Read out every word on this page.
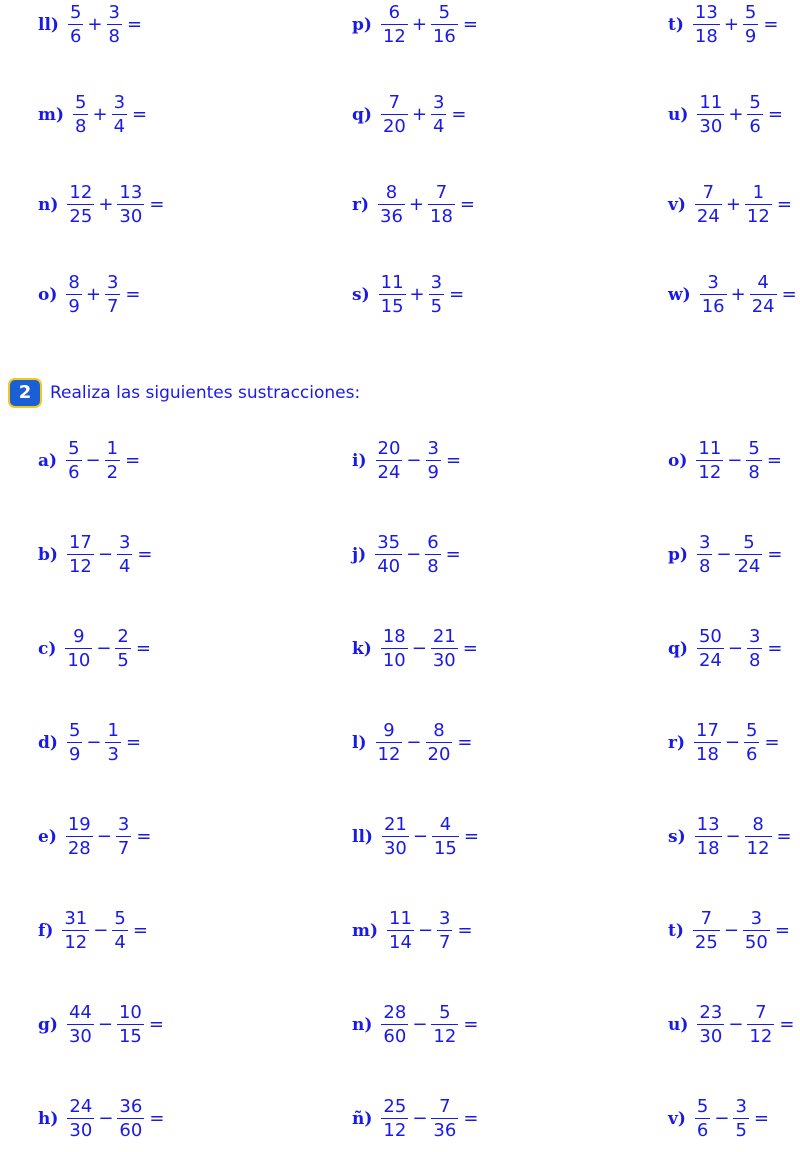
$ll) \frac{5}{6} + \frac{3}{8}$ =
$m) \frac{5}{8} + \frac{3}{4}$ =
$n) \frac{12}{25} + \frac{13}{30}$ =
$o) \frac{8}{9} + \frac{3}{7}$ =
$p) \frac{6}{12} + \frac{5}{16}$ =
$q) \frac{7}{20} + \frac{3}{4}$ =
$r) \frac{8}{36} + \frac{7}{18}$ =
$s) \frac{11}{15} + \frac{3}{5}$ =
$t) \frac{13}{18} + \frac{5}{9}$ =
$u) \frac{11}{30} + \frac{5}{6}$ =
$v) \frac{7}{24} + \frac{1}{12}$ =
$w) \frac{3}{16} + \frac{4}{24}$ =
2	Realiza las siguientes sustracciones:
$a) \frac{5}{6} - \frac{1}{2}$ =
$b) \frac{17}{12} - \frac{3}{4}$ =
$c) \frac{9}{10} - \frac{2}{5}$ =
$d) \frac{5}{9} - \frac{1}{3}$ =
$e) \frac{19}{28} - \frac{3}{7}$ =
$f) \frac{31}{12} - \frac{5}{4}$ =
$g) \frac{44}{30} - \frac{10}{15}$ =
$h) \frac{24}{30} - \frac{36}{60}$ =
$i) \frac{20}{24} - \frac{3}{9}$ =
$j) \frac{35}{40} - \frac{6}{8}$ =
$k) \frac{18}{10} - \frac{21}{30}$ =
$l) \frac{9}{12} - \frac{8}{20}$ =
$ll) \frac{21}{30} - \frac{4}{15}$ =
$m) \frac{11}{14} - \frac{3}{7}$ =
$n) \frac{28}{60} - \frac{5}{12}$ =
ñ) $\frac{25}{12} - \frac{7}{36}$ =
$o) \frac{11}{12} - \frac{5}{8}$ =
$p) \frac{3}{8} - \frac{5}{24}$ =
$q) \frac{50}{24} - \frac{3}{8}$ =
$r) \frac{17}{18} - \frac{5}{6}$ =
$s) \frac{13}{18} - \frac{8}{12}$ =
$t) \frac{7}{25} - \frac{3}{50}$ =
$u) \frac{23}{30} - \frac{7}{12}$ =
$v) \frac{5}{6} - \frac{3}{5}$ =
